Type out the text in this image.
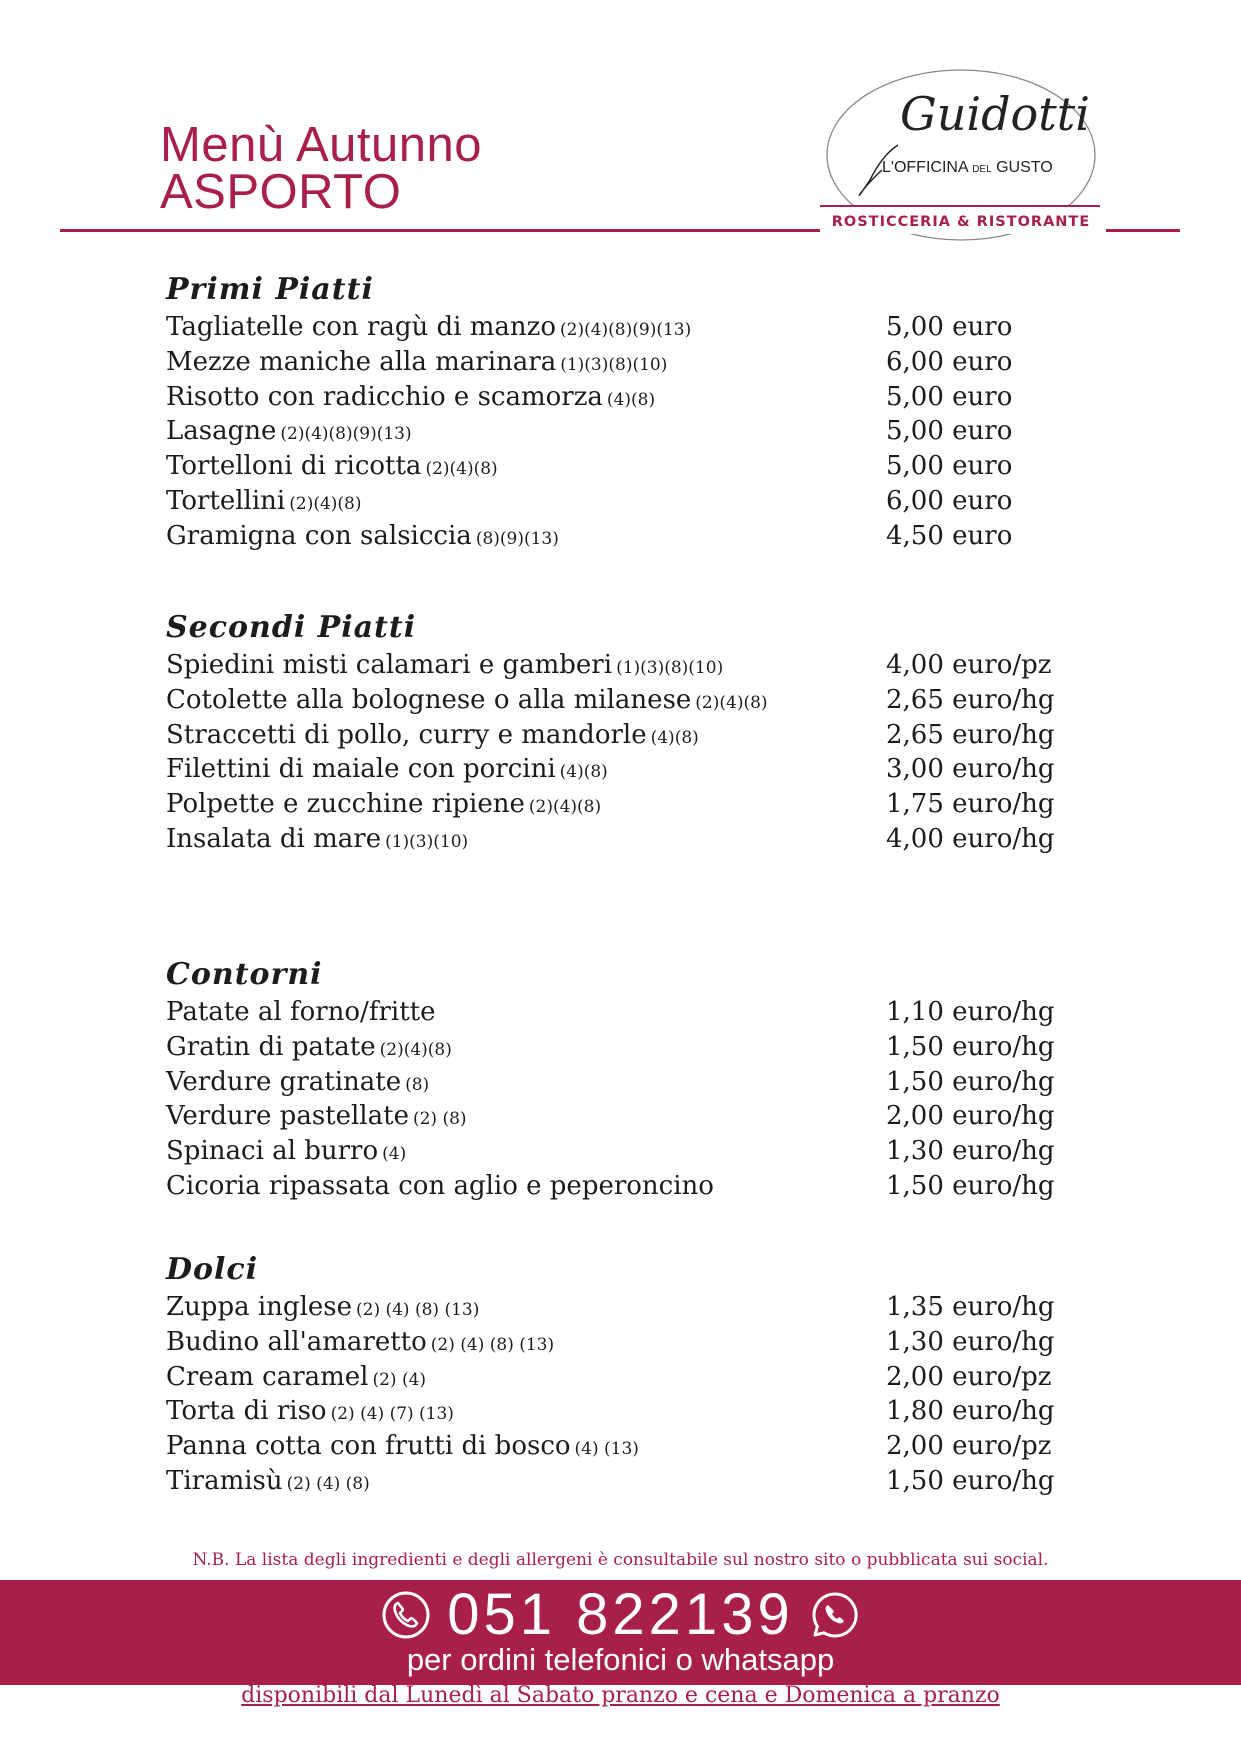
Menù Autunno
ASPORTO
Guidotti
L'OFFICINA DEL GUSTO
ROSTICCERIA & RISTORANTE
Primi Piatti
Tagliatelle con ragù di manzo (2)(4)(8)(9)(13)	5,00 euro
Mezze maniche alla marinara (1)(3)(8)(10)	6,00 euro
Risotto con radicchio e scamorza (4)(8)	5,00 euro
Lasagne (2)(4)(8)(9)(13)	5,00 euro
Tortelloni di ricotta (2)(4)(8)	5,00 euro
Tortellini (2)(4)(8)	6,00 euro
Gramigna con salsiccia (8)(9)(13)	4,50 euro
Secondi Piatti
Spiedini misti calamari e gamberi (1)(3)(8)(10)	4,00 euro/pz
Cotolette alla bolognese o alla milanese (2)(4)(8)	2,65 euro/hg
Straccetti di pollo, curry e mandorle (4)(8)	2,65 euro/hg
Filettini di maiale con porcini (4)(8)	3,00 euro/hg
Polpette e zucchine ripiene (2)(4)(8)	1,75 euro/hg
Insalata di mare (1)(3)(10)	4,00 euro/hg
Contorni
Patate al forno/fritte	1,10 euro/hg
Gratin di patate (2)(4)(8)	1,50 euro/hg
Verdure gratinate (8)	1,50 euro/hg
Verdure pastellate (2) (8)	2,00 euro/hg
Spinaci al burro (4)	1,30 euro/hg
Cicoria ripassata con aglio e peperoncino	1,50 euro/hg
Dolci
Zuppa inglese (2) (4) (8) (13)	1,35 euro/hg
Budino all'amaretto (2) (4) (8) (13)	1,30 euro/hg
Cream caramel (2) (4)	2,00 euro/pz
Torta di riso (2) (4) (7) (13)	1,80 euro/hg
Panna cotta con frutti di bosco (4) (13)	2,00 euro/pz
Tiramisù (2) (4) (8)	1,50 euro/hg
N.B. La lista degli ingredienti e degli allergeni è consultabile sul nostro sito o pubblicata sui social.
051 822139
per ordini telefonici o whatsapp
disponibili dal Lunedì al Sabato pranzo e cena e Domenica a pranzo
